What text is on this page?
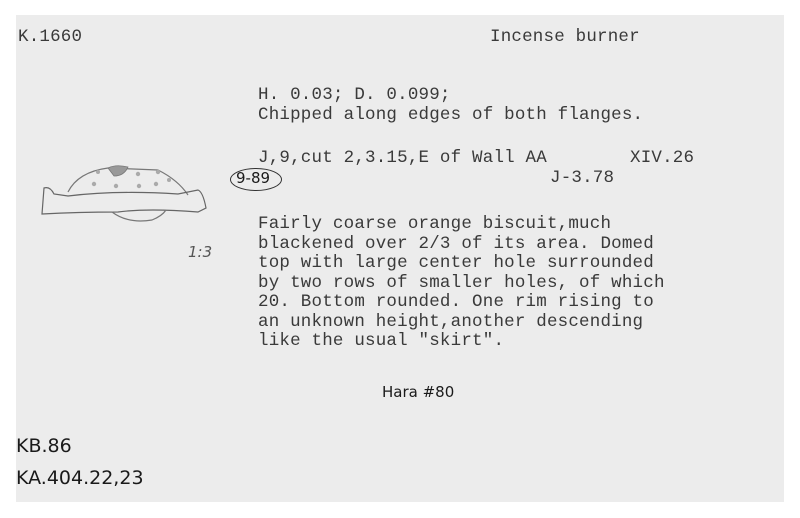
K.1660	Incense burner
H. 0.03; D. 0.099;
Chipped along edges of both flanges.
J,9,cut 2,3.15,E of Wall AA	XIV.26
9-89	J-3.78
1:3
Fairly coarse orange biscuit,much
blackened over 2/3 of its area. Domed
top with large center hole surrounded
by two rows of smaller holes, of which
20. Bottom rounded. One rim rising to
an unknown height,another descending
like the usual "skirt".
Hara #80
KB.86
KA.404.22,23
